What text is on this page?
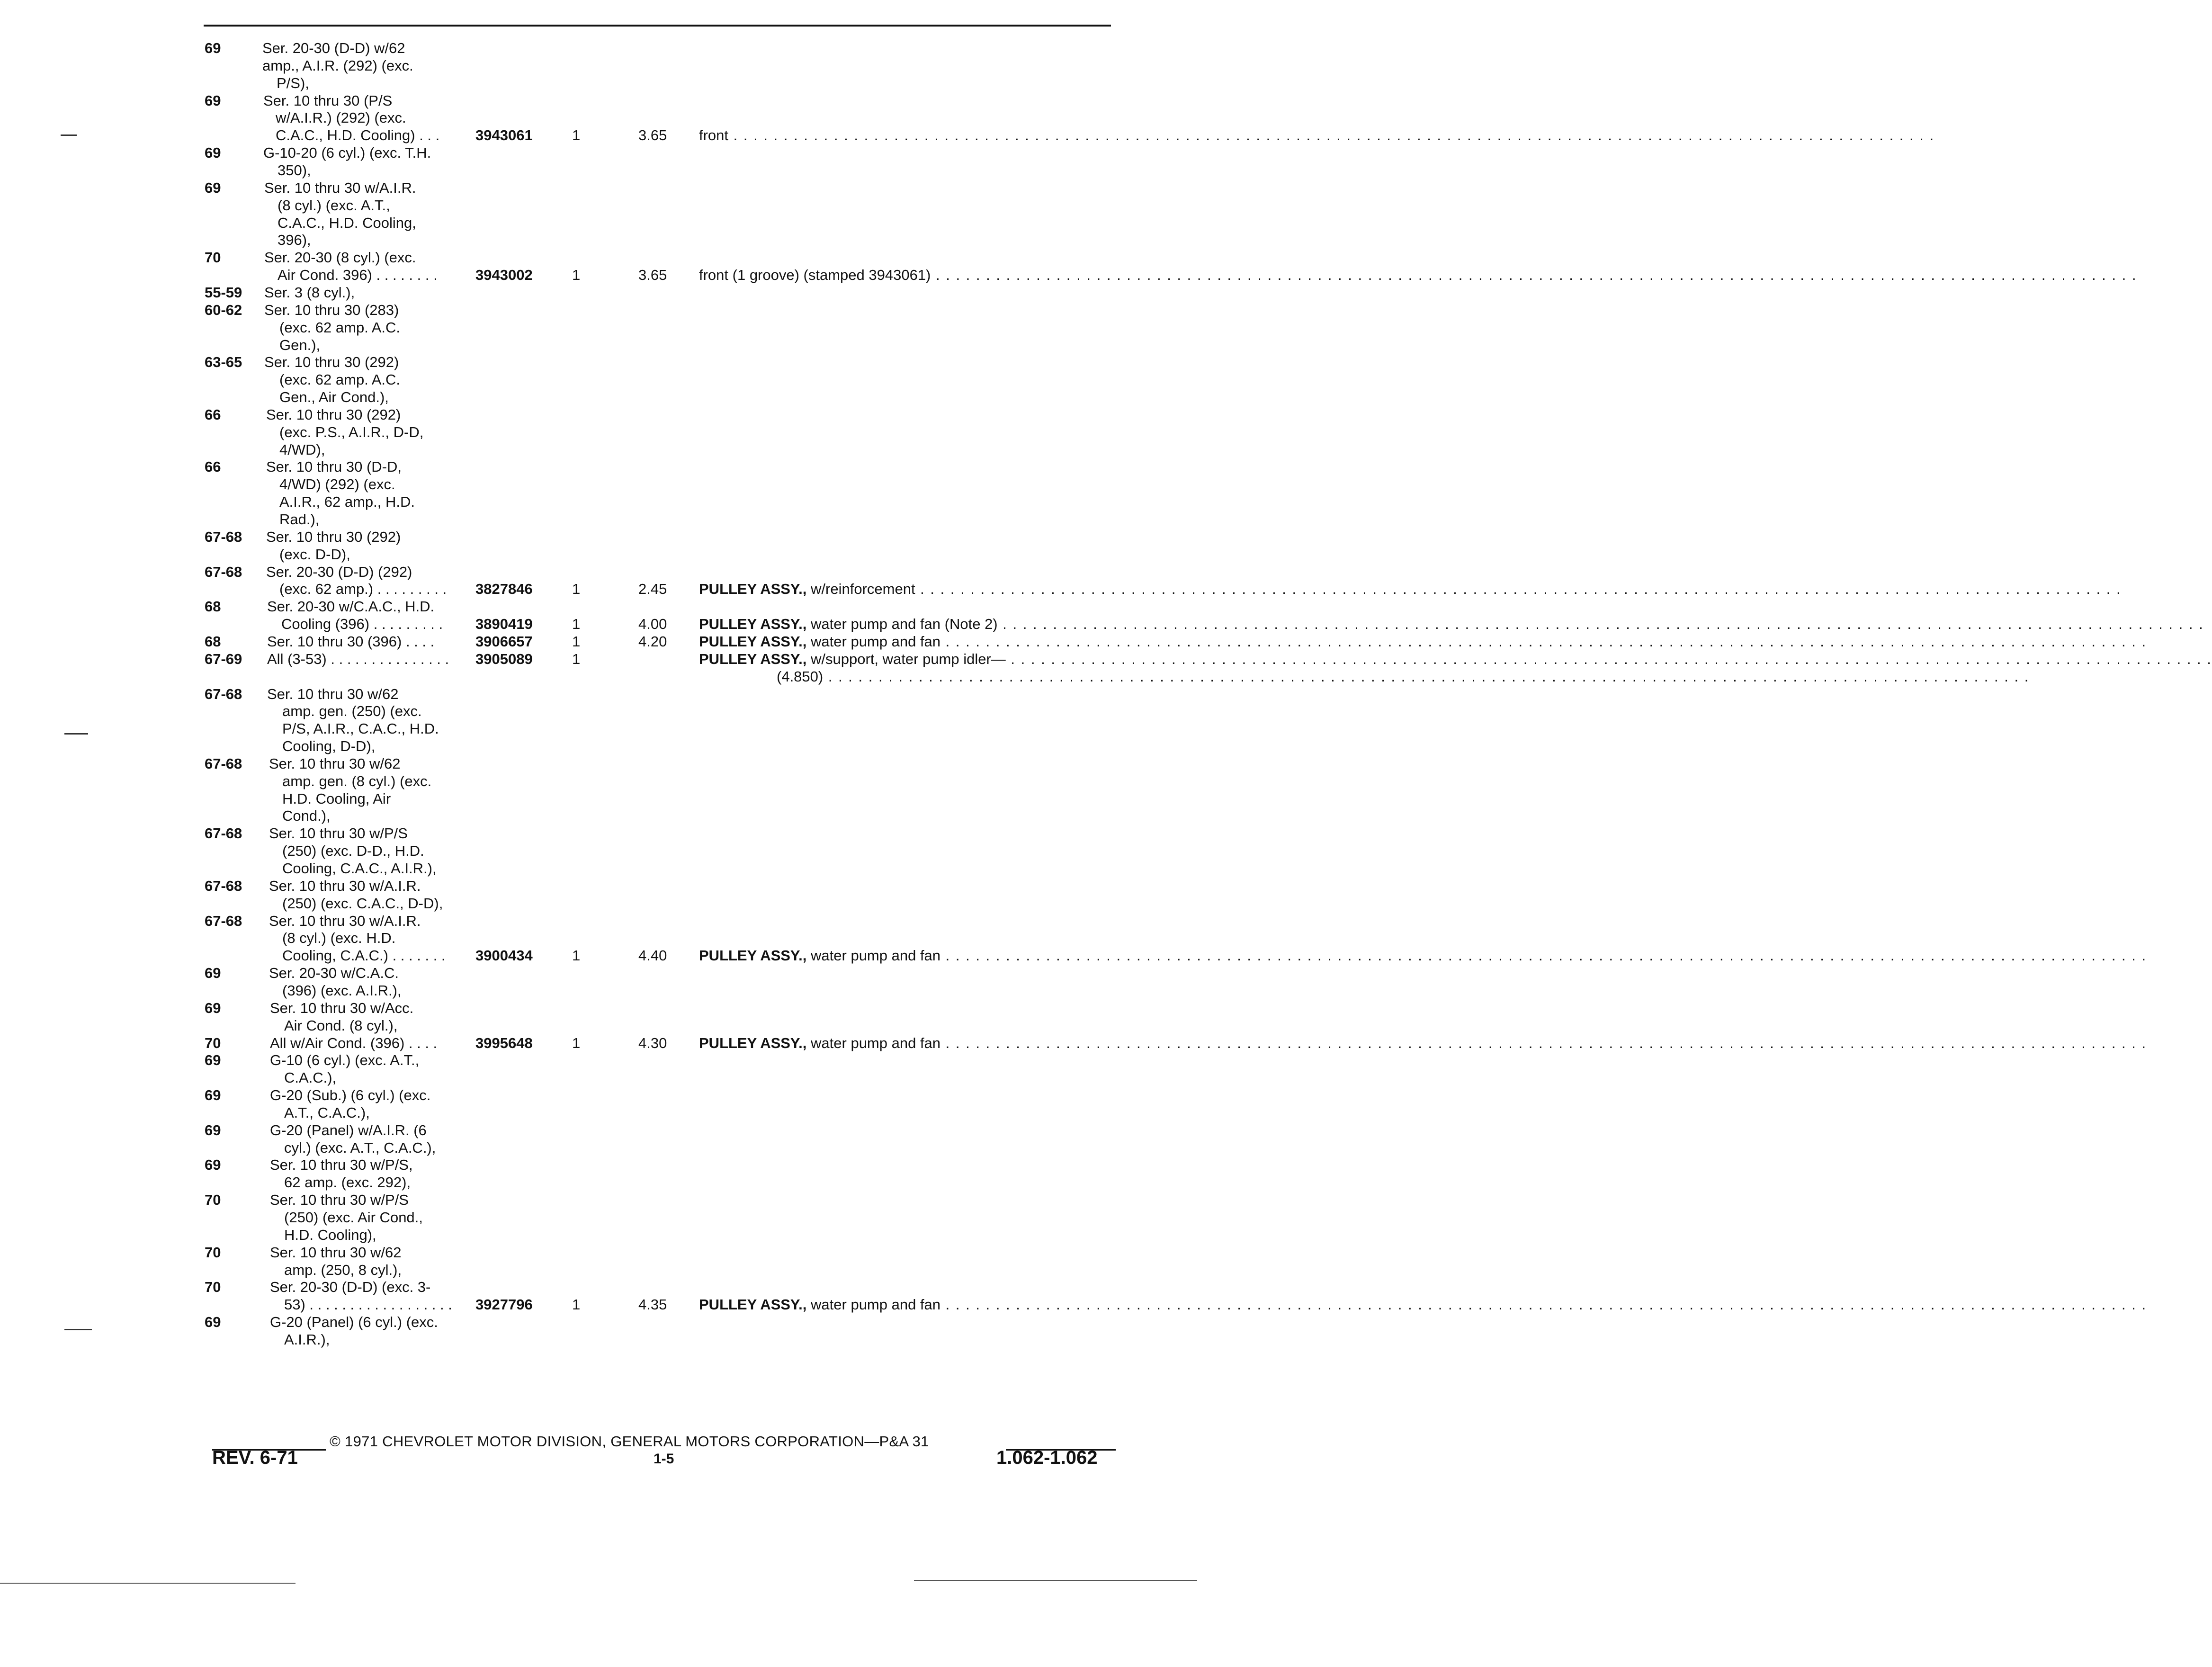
69	Ser. 20-30 (D-D) w/62
amp., A.I.R. (292) (exc.
P/S),
69	Ser. 10 thru 30 (P/S
w/A.I.R.) (292) (exc.
C.A.C., H.D. Cooling) . . .	3943061	1	3.65 front . . . . . . . . . . . . . . . . . . . . . . . . . . . . . . . . . . . . . . . . . . . . . . . . . . . . . . . . . . . . . . . . . . . . . . . . . . . . . . . . . . . . . . . . . . . . . . . . . . . . . . . . . . . . . . . . . . . . . . . .
69	G-10-20 (6 cyl.) (exc. T.H.
350),
69	Ser. 10 thru 30 w/A.I.R.
(8 cyl.) (exc. A.T.,
C.A.C., H.D. Cooling,
396),
70	Ser. 20-30 (8 cyl.) (exc.
Air Cond. 396) . . . . . . . .	3943002	1	3.65 front (1 groove) (stamped 3943061) . . . . . . . . . . . . . . . . . . . . . . . . . . . . . . . . . . . . . . . . . . . . . . . . . . . . . . . . . . . . . . . . . . . . . . . . . . . . . . . . . . . . . . . . . . . . . . . . . . . . . . . . . . . . . . . . . . . . . . . .
55-59 Ser. 3 (8 cyl.),
60-62 Ser. 10 thru 30 (283)
(exc. 62 amp. A.C.
Gen.),
63-65 Ser. 10 thru 30 (292)
(exc. 62 amp. A.C.
Gen., Air Cond.),
66	Ser. 10 thru 30 (292)
(exc. P.S., A.I.R., D-D,
4/WD),
66	Ser. 10 thru 30 (D-D,
4/WD) (292) (exc.
A.I.R., 62 amp., H.D.
Rad.),
67-68 Ser. 10 thru 30 (292)
(exc. D-D),
67-68 Ser. 20-30 (D-D) (292)
(exc. 62 amp.) . . . . . . . . .	3827846	1	2.45 PULLEY ASSY., w/reinforcement . . . . . . . . . . . . . . . . . . . . . . . . . . . . . . . . . . . . . . . . . . . . . . . . . . . . . . . . . . . . . . . . . . . . . . . . . . . . . . . . . . . . . . . . . . . . . . . . . . . . . . . . . . . . . . . . . . . . . . . .
68	Ser. 20-30 w/C.A.C., H.D.
Cooling (396) . . . . . . . . .	3890419	1	4.00 PULLEY ASSY., water pump and fan (Note 2) . . . . . . . . . . . . . . . . . . . . . . . . . . . . . . . . . . . . . . . . . . . . . . . . . . . . . . . . . . . . . . . . . . . . . . . . . . . . . . . . . . . . . . . . . . . . . . . . . . . . . . . . . . . . . . . . . . . . . . . .
68	Ser. 10 thru 30 (396) . . . .	3906657	1	4.20 PULLEY ASSY., water pump and fan . . . . . . . . . . . . . . . . . . . . . . . . . . . . . . . . . . . . . . . . . . . . . . . . . . . . . . . . . . . . . . . . . . . . . . . . . . . . . . . . . . . . . . . . . . . . . . . . . . . . . . . . . . . . . . . . . . . . . . . .
67-69 All (3-53) . . . . . . . . . . . . . . .	3905089	1	PULLEY ASSY., w/support, water pump idler— . . . . . . . . . . . . . . . . . . . . . . . . . . . . . . . . . . . . . . . . . . . . . . . . . . . . . . . . . . . . . . . . . . . . . . . . . . . . . . . . . . . . . . . . . . . . . . . . . . . . . . . . . . . . . . . . . . . . . . . .
(4.850) . . . . . . . . . . . . . . . . . . . . . . . . . . . . . . . . . . . . . . . . . . . . . . . . . . . . . . . . . . . . . . . . . . . . . . . . . . . . . . . . . . . . . . . . . . . . . . . . . . . . . . . . . . . . . . . . . . . . . . . .
67-68 Ser. 10 thru 30 w/62
amp. gen. (250) (exc.
P/S, A.I.R., C.A.C., H.D.
Cooling, D-D),
67-68 Ser. 10 thru 30 w/62
amp. gen. (8 cyl.) (exc.
H.D. Cooling, Air
Cond.),
67-68 Ser. 10 thru 30 w/P/S
(250) (exc. D-D., H.D.
Cooling, C.A.C., A.I.R.),
67-68 Ser. 10 thru 30 w/A.I.R.
(250) (exc. C.A.C., D-D),
67-68 Ser. 10 thru 30 w/A.I.R.
(8 cyl.) (exc. H.D.
Cooling, C.A.C.) . . . . . . .	3900434	1	4.40 PULLEY ASSY., water pump and fan . . . . . . . . . . . . . . . . . . . . . . . . . . . . . . . . . . . . . . . . . . . . . . . . . . . . . . . . . . . . . . . . . . . . . . . . . . . . . . . . . . . . . . . . . . . . . . . . . . . . . . . . . . . . . . . . . . . . . . . .
69	Ser. 20-30 w/C.A.C.
(396) (exc. A.I.R.),
69	Ser. 10 thru 30 w/Acc.
Air Cond. (8 cyl.),
70	All w/Air Cond. (396) . . . .	3995648	1	4.30 PULLEY ASSY., water pump and fan . . . . . . . . . . . . . . . . . . . . . . . . . . . . . . . . . . . . . . . . . . . . . . . . . . . . . . . . . . . . . . . . . . . . . . . . . . . . . . . . . . . . . . . . . . . . . . . . . . . . . . . . . . . . . . . . . . . . . . . .
69	G-10 (6 cyl.) (exc. A.T.,
C.A.C.),
69	G-20 (Sub.) (6 cyl.) (exc.
A.T., C.A.C.),
69	G-20 (Panel) w/A.I.R. (6
cyl.) (exc. A.T., C.A.C.),
69	Ser. 10 thru 30 w/P/S,
62 amp. (exc. 292),
70	Ser. 10 thru 30 w/P/S
(250) (exc. Air Cond.,
H.D. Cooling),
70	Ser. 10 thru 30 w/62
amp. (250, 8 cyl.),
70	Ser. 20-30 (D-D) (exc. 3-
53) . . . . . . . . . . . . . . . . . .	3927796	1	4.35 PULLEY ASSY., water pump and fan . . . . . . . . . . . . . . . . . . . . . . . . . . . . . . . . . . . . . . . . . . . . . . . . . . . . . . . . . . . . . . . . . . . . . . . . . . . . . . . . . . . . . . . . . . . . . . . . . . . . . . . . . . . . . . . . . . . . . . . .
69	G-20 (Panel) (6 cyl.) (exc.
A.I.R.),
© 1971 CHEVROLET MOTOR DIVISION, GENERAL MOTORS CORPORATION—P&A 31
REV. 6-71	1-5	1.062-1.062
